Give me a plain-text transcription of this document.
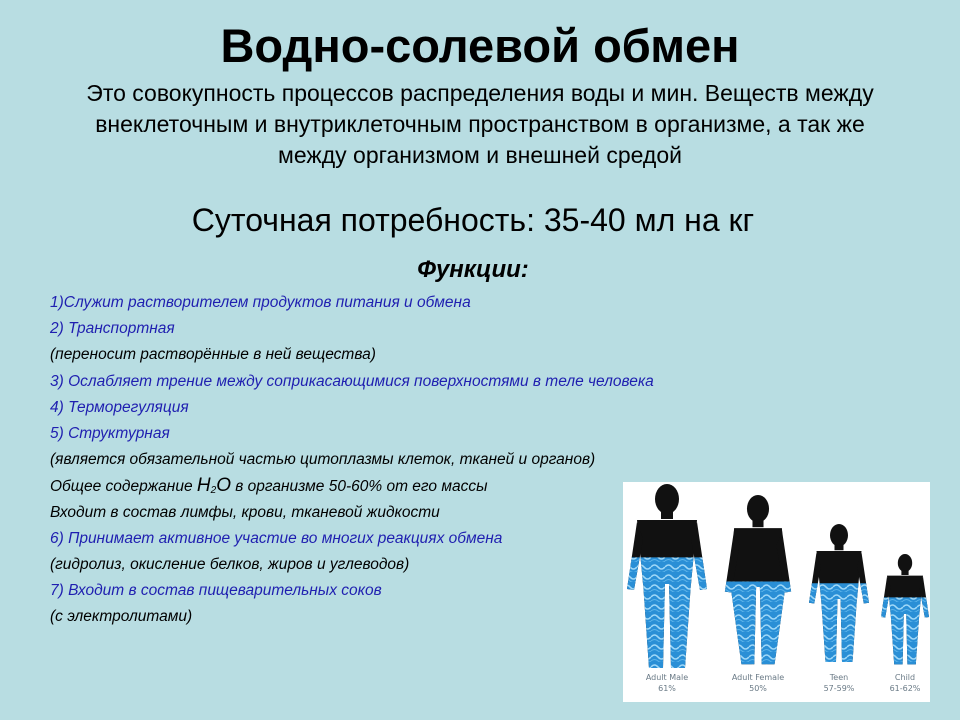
Водно-солевой обмен
Это совокупность процессов распределения воды и мин. Веществ между внеклеточным и внутриклеточным пространством в организме, а так же между организмом и внешней средой
Суточная потребность: 35-40 мл на кг
Функции:
1)Служит растворителем продуктов питания и обмена
2) Транспортная
(переносит растворённые в ней вещества)
3) Ослабляет трение между соприкасающимися поверхностями в теле человека
4) Терморегуляция
5) Структурная
(является обязательной частью цитоплазмы клеток, тканей и органов)
Общее содержание H2O в организме 50-60% от его массы
Входит в состав лимфы, крови, тканевой жидкости
6) Принимает активное участие во многих реакциях обмена
(гидролиз, окисление белков, жиров и углеводов)
7) Входит в состав пищеварительных соков
(с электролитами)
Adult Male
61%
Adult Female
50%
Teen
57-59%
Child
61-62%
